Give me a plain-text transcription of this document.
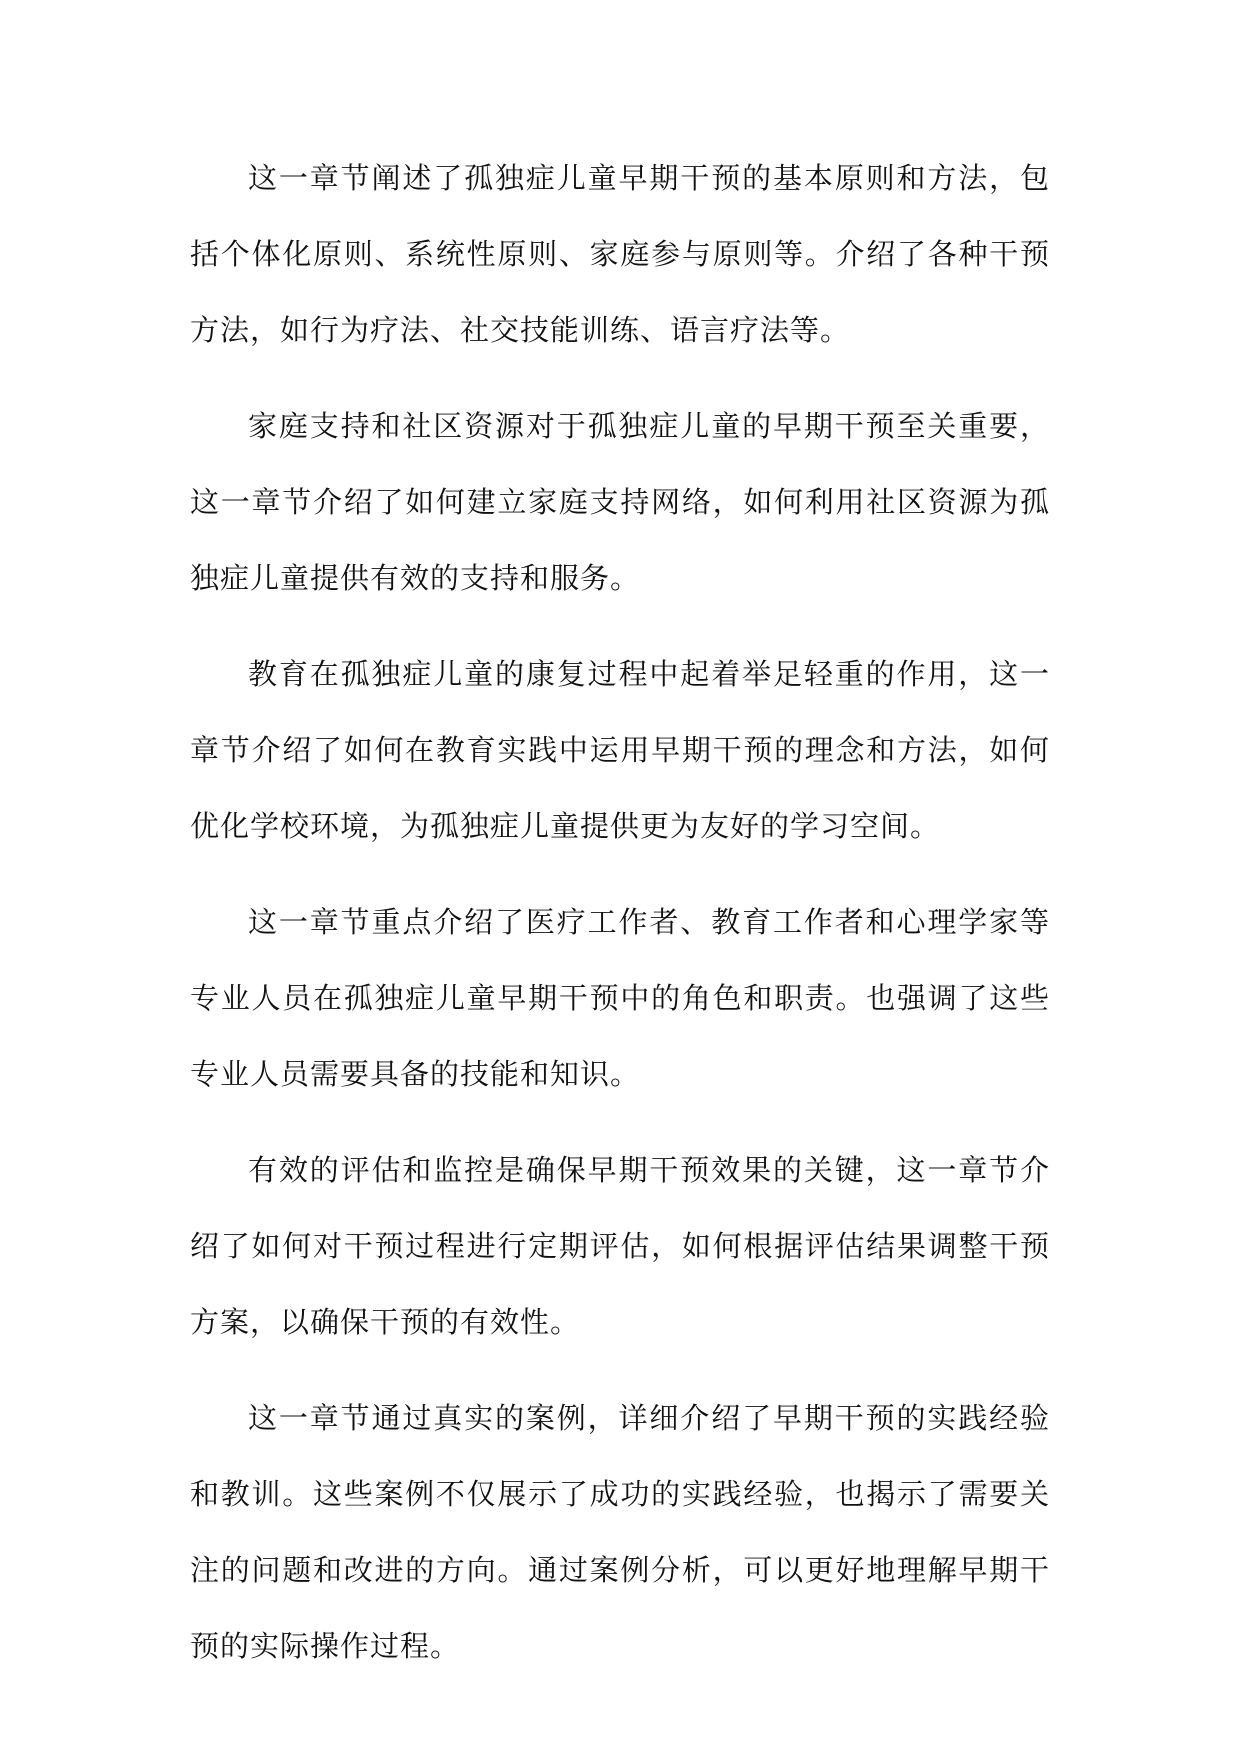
这一章节阐述了孤独症儿童早期干预的基本原则和方法，包括个体化原则、系统性原则、家庭参与原则等。介绍了各种干预方法，如行为疗法、社交技能训练、语言疗法等。

家庭支持和社区资源对于孤独症儿童的早期干预至关重要，这一章节介绍了如何建立家庭支持网络，如何利用社区资源为孤独症儿童提供有效的支持和服务。

教育在孤独症儿童的康复过程中起着举足轻重的作用，这一章节介绍了如何在教育实践中运用早期干预的理念和方法，如何优化学校环境，为孤独症儿童提供更为友好的学习空间。

这一章节重点介绍了医疗工作者、教育工作者和心理学家等专业人员在孤独症儿童早期干预中的角色和职责。也强调了这些专业人员需要具备的技能和知识。

有效的评估和监控是确保早期干预效果的关键，这一章节介绍了如何对干预过程进行定期评估，如何根据评估结果调整干预方案，以确保干预的有效性。

这一章节通过真实的案例，详细介绍了早期干预的实践经验和教训。这些案例不仅展示了成功的实践经验，也揭示了需要关注的问题和改进的方向。通过案例分析，可以更好地理解早期干预的实际操作过程。
